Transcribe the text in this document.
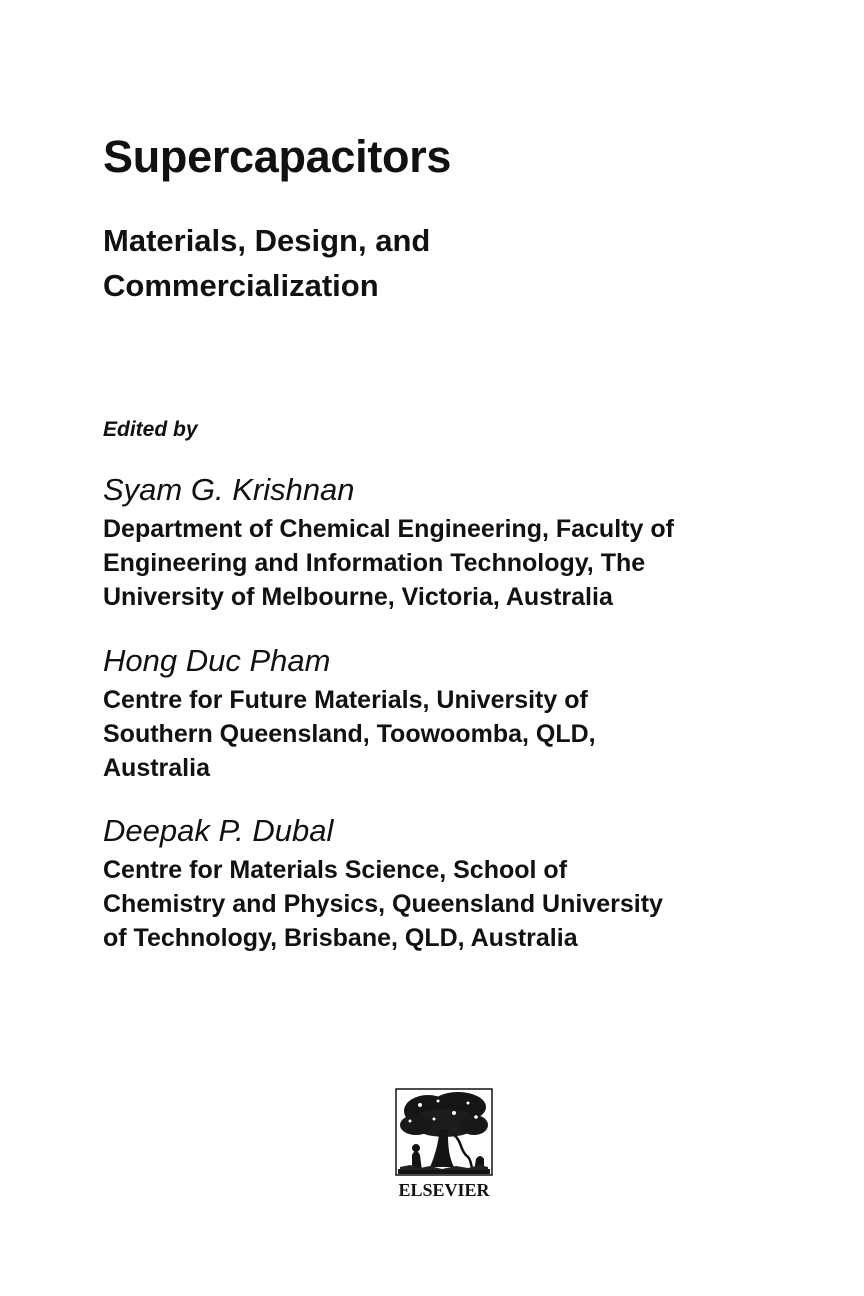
Supercapacitors
Materials, Design, and
Commercialization
Edited by
Syam G. Krishnan
Department of Chemical Engineering, Faculty of
Engineering and Information Technology, The
University of Melbourne, Victoria, Australia
Hong Duc Pham
Centre for Future Materials, University of
Southern Queensland, Toowoomba, QLD,
Australia
Deepak P. Dubal
Centre for Materials Science, School of
Chemistry and Physics, Queensland University
of Technology, Brisbane, QLD, Australia
ELSEVIER
